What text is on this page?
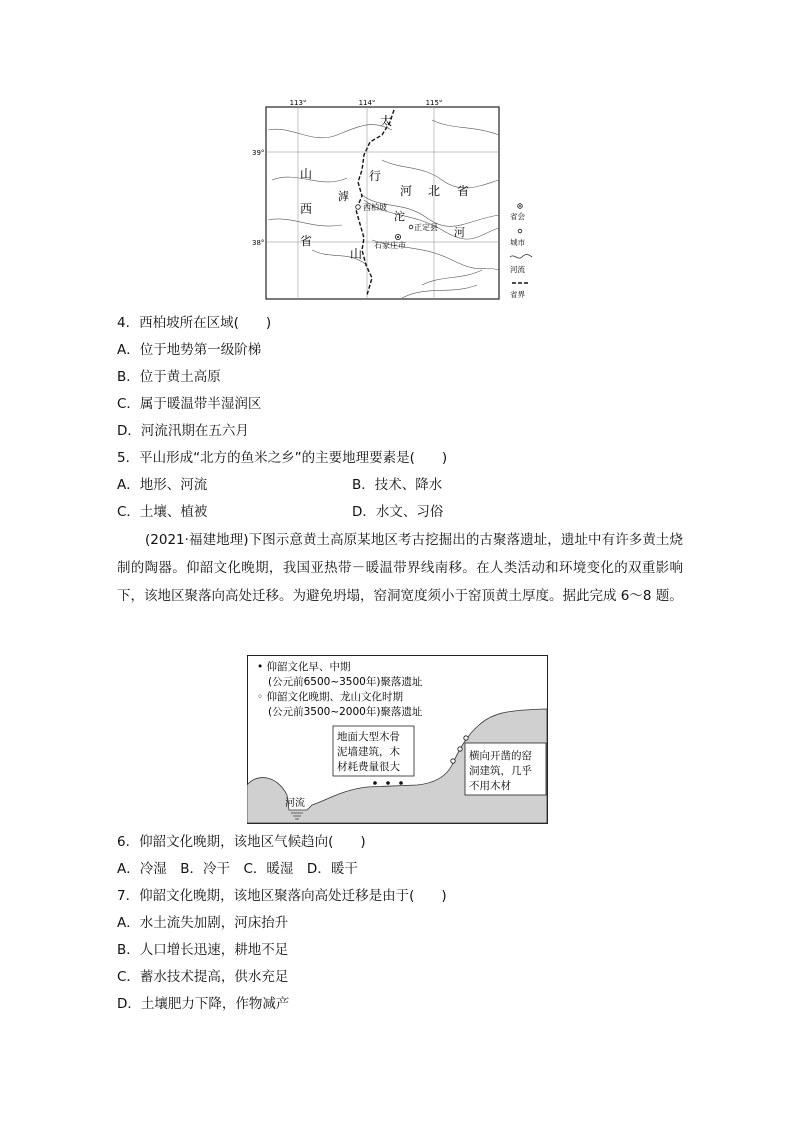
113°	114°	115°
39°
38°
太
行
山
山
西
省
河 北 省
滹
沱
河
西柏坡
正定县
石家庄市
省会
城市
河流
省界
4．西柏坡所在区域(　　)
A．位于地势第一级阶梯
B．位于黄土高原
C．属于暖温带半湿润区
D．河流汛期在五六月
5．平山形成“北方的鱼米之乡”的主要地理要素是(　　)
A．地形、河流	B．技术、降水
C．土壤、植被	D．水文、习俗
(2021·福建地理)下图示意黄土高原某地区考古挖掘出的古聚落遗址，遗址中有许多黄土烧制的陶器。仰韶文化晚期，我国亚热带－暖温带界线南移。在人类活动和环境变化的双重影响下，该地区聚落向高处迁移。为避免坍塌，窑洞宽度须小于窑顶黄土厚度。据此完成 6～8 题。
河流
• 仰韶文化早、中期
(公元前6500~3500年)聚落遗址
◦ 仰韶文化晚期、龙山文化时期
(公元前3500~2000年)聚落遗址
地面大型木骨
泥墙建筑，木
材耗费量很大
横向开凿的窑
洞建筑，几乎
不用木材
6．仰韶文化晚期，该地区气候趋向(　　)
A．冷湿　B．冷干　C．暖湿　D．暖干
7．仰韶文化晚期，该地区聚落向高处迁移是由于(　　)
A．水土流失加剧，河床抬升
B．人口增长迅速，耕地不足
C．蓄水技术提高，供水充足
D．土壤肥力下降，作物减产
